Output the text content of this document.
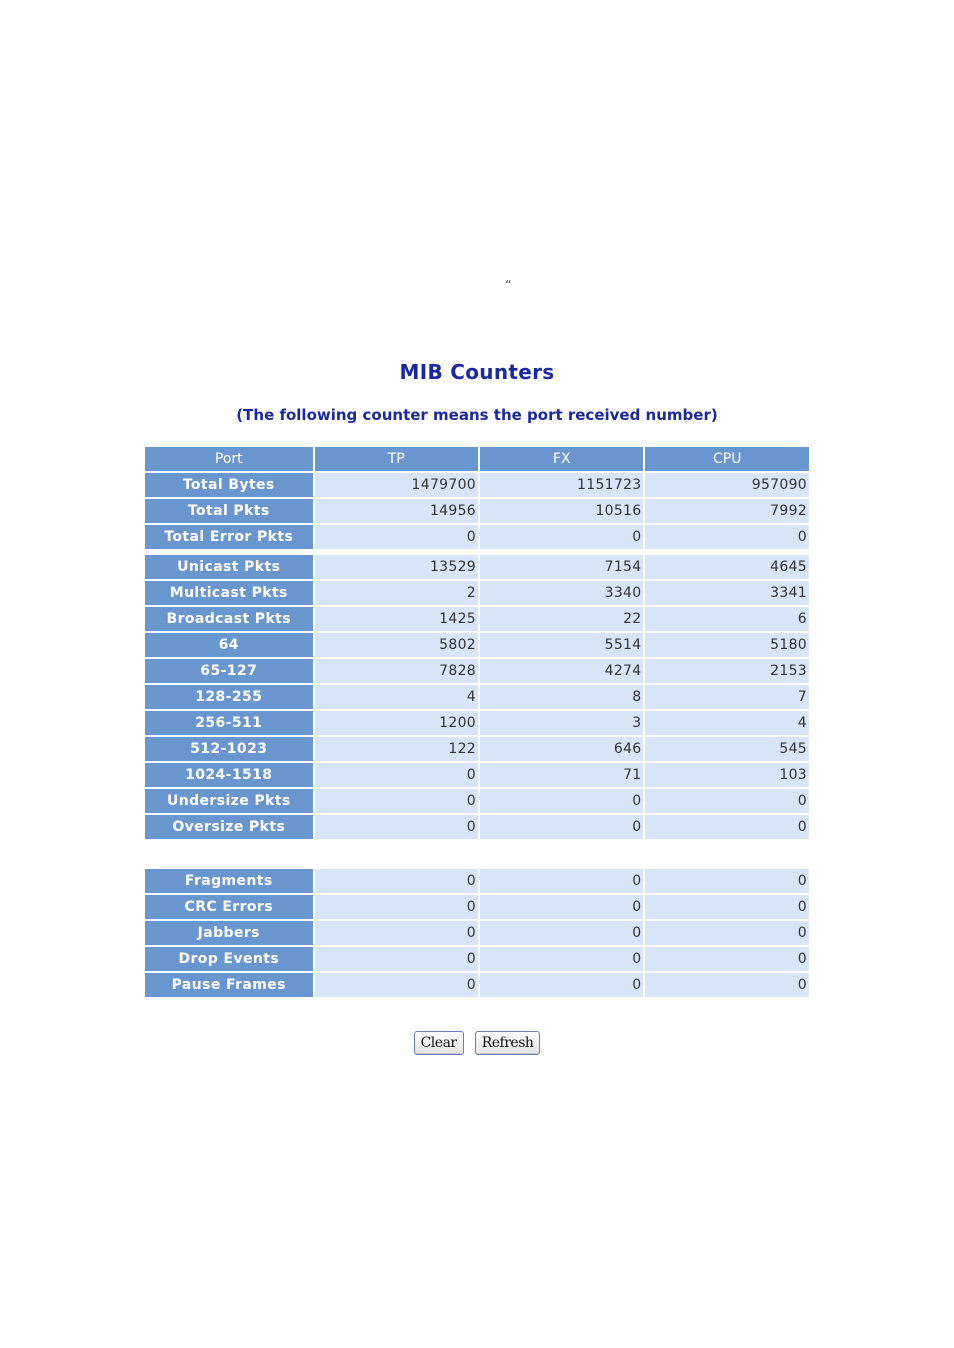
“
MIB Counters
(The following counter means the port received number)
Port	TP	FX	CPU
Total Bytes	1479700	1151723	957090
Total Pkts	14956	10516	7992
Total Error Pkts	0	0	0

Unicast Pkts	13529	7154	4645
Multicast Pkts	2	3340	3341
Broadcast Pkts	1425	22	6
64	5802	5514	5180
65-127	7828	4274	2153
128-255	4	8	7
256-511	1200	3	4
512-1023	122	646	545
1024-1518	0	71	103
Undersize Pkts	0	0	0
Oversize Pkts	0	0	0
Fragments	0	0	0
CRC Errors	0	0	0
Jabbers	0	0	0
Drop Events	0	0	0
Pause Frames	0	0	0
Clear Refresh
